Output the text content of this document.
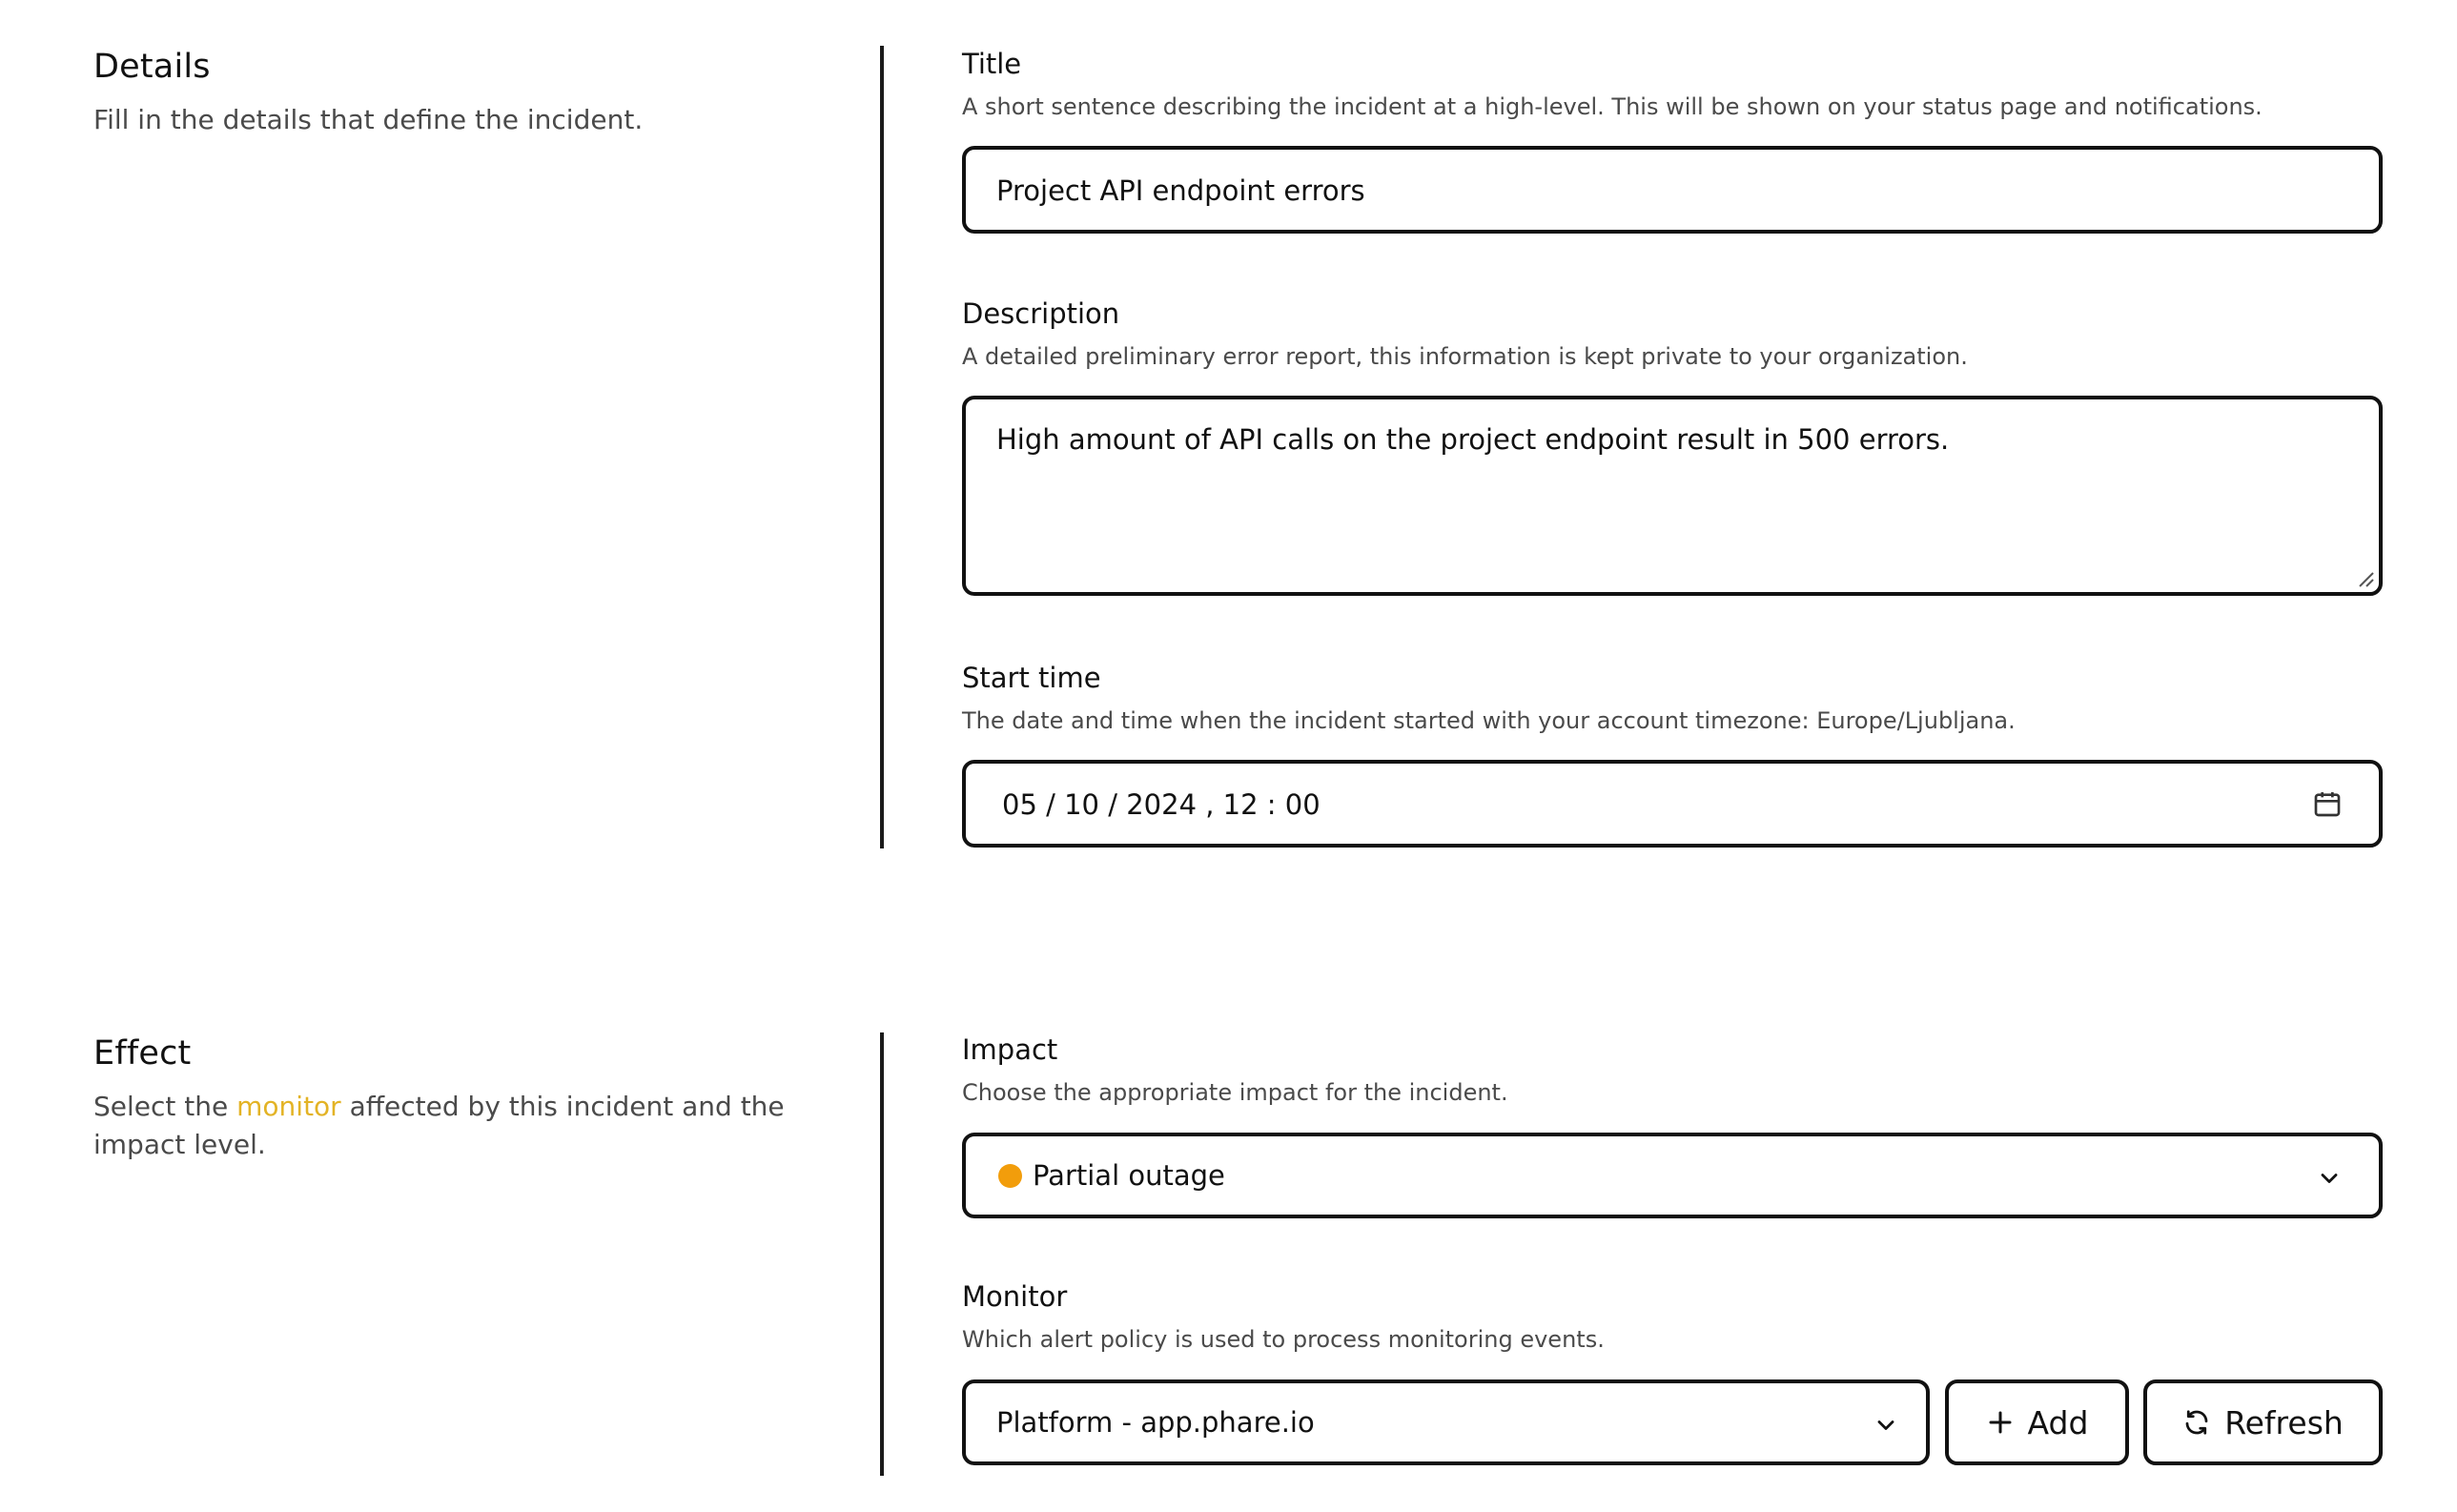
Details
Fill in the details that define the incident.
Title
A short sentence describing the incident at a high-level. This will be shown on your status page and notifications.
Project API endpoint errors
Description
A detailed preliminary error report, this information is kept private to your organization.
High amount of API calls on the project endpoint result in 500 errors.
Start time
The date and time when the incident started with your account timezone: Europe/Ljubljana.
05 / 10 / 2024 , 12 : 00
Effect
Select the monitor affected by this incident and the impact level.
Impact
Choose the appropriate impact for the incident.
Partial outage
Monitor
Which alert policy is used to process monitoring events.
Platform - app.phare.io	Add	Refresh
